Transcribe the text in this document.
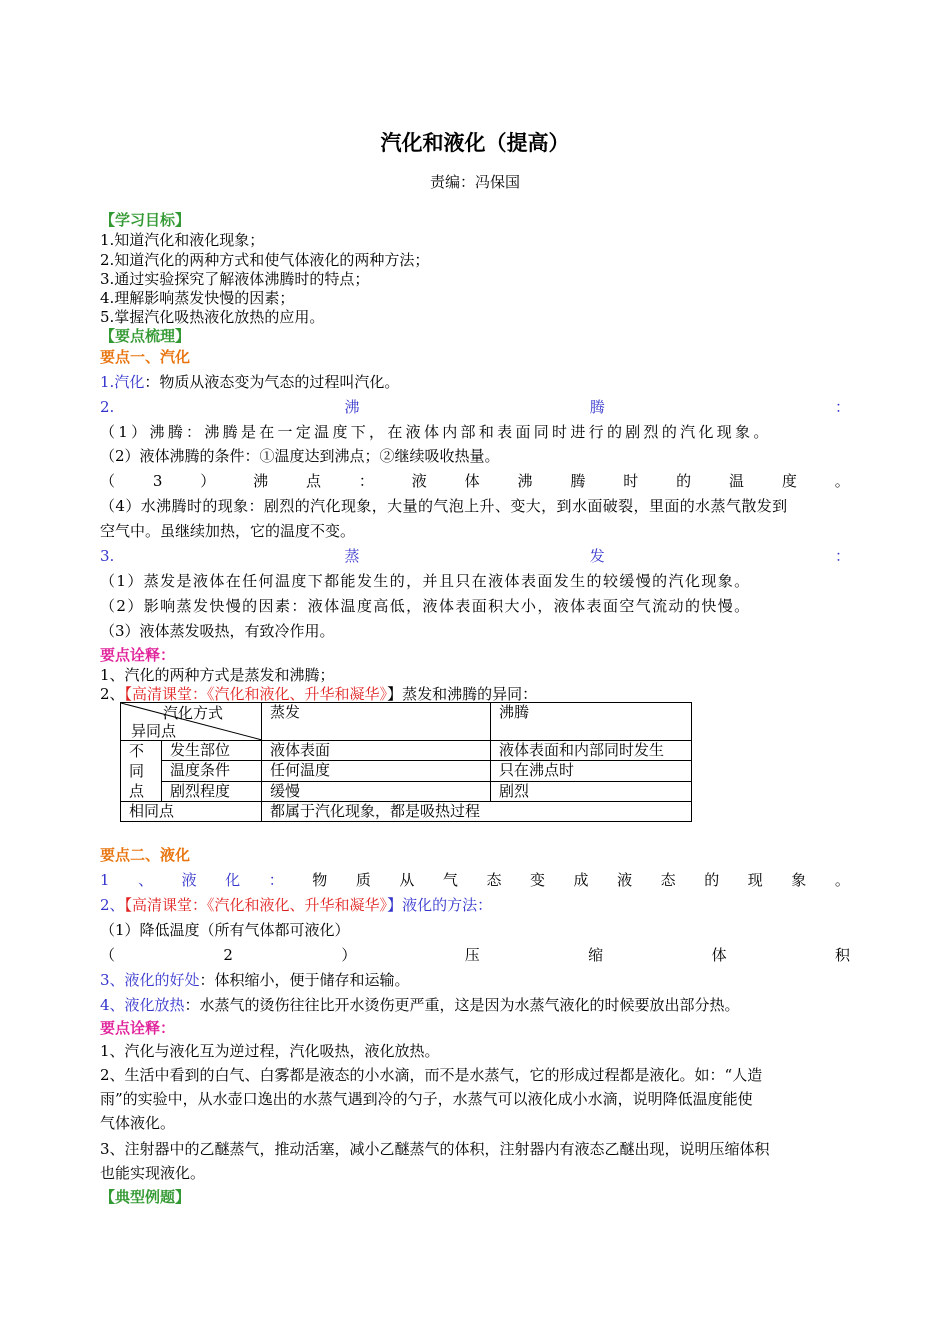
汽化和液化（提高）
责编：冯保国
【学习目标】
1.知道汽化和液化现象；
2.知道汽化的两种方式和使气体液化的两种方法；
3.通过实验探究了解液体沸腾时的特点；
4.理解影响蒸发快慢的因素；
5.掌握汽化吸热液化放热的应用。
【要点梳理】
要点一、汽化
1.汽化：物质从液态变为气态的过程叫汽化。
2.	沸	腾	：
（1）沸腾：沸腾是在一定温度下，在液体内部和表面同时进行的剧烈的汽化现象。
（2）液体沸腾的条件：①温度达到沸点；②继续吸收热量。
（	3	）	沸	点	：	液	体	沸	腾	时	的	温	度	。
（4）水沸腾时的现象：剧烈的汽化现象，大量的气泡上升、变大，到水面破裂，里面的水蒸气散发到
空气中。虽继续加热，它的温度不变。
3.	蒸	发	：
（1）蒸发是液体在任何温度下都能发生的，并且只在液体表面发生的较缓慢的汽化现象。
（2）影响蒸发快慢的因素：液体温度高低，液体表面积大小，液体表面空气流动的快慢。
（3）液体蒸发吸热，有致冷作用。
要点诠释：
1、汽化的两种方式是蒸发和沸腾；
2、【高清课堂：《汽化和液化、升华和凝华》】蒸发和沸腾的异同：
汽化方式
异同点		蒸发	沸腾

不
同
点	发生部位	液体表面	液体表面和内部同时发生
	温度条件	任何温度	只在沸点时
	剧烈程度	缓慢	剧烈
相同点		都属于汽化现象，都是吸热过程	
要点二、液化
1 、 液 化 ： 物 质 从 气 态 变 成 液 态 的 现 象 。
2、【高清课堂：《汽化和液化、升华和凝华》】液化的方法：
（1）降低温度（所有气体都可液化）
（	2	）	压	缩	体	积
3、液化的好处：体积缩小，便于储存和运输。
4、液化放热：水蒸气的烫伤往往比开水烫伤更严重，这是因为水蒸气液化的时候要放出部分热。
要点诠释：
1、汽化与液化互为逆过程，汽化吸热，液化放热。
2、生活中看到的白气、白雾都是液态的小水滴，而不是水蒸气，它的形成过程都是液化。如：“人造
雨”的实验中，从水壶口逸出的水蒸气遇到冷的勺子，水蒸气可以液化成小水滴，说明降低温度能使
气体液化。
3、注射器中的乙醚蒸气，推动活塞，减小乙醚蒸气的体积，注射器内有液态乙醚出现，说明压缩体积
也能实现液化。
【典型例题】
